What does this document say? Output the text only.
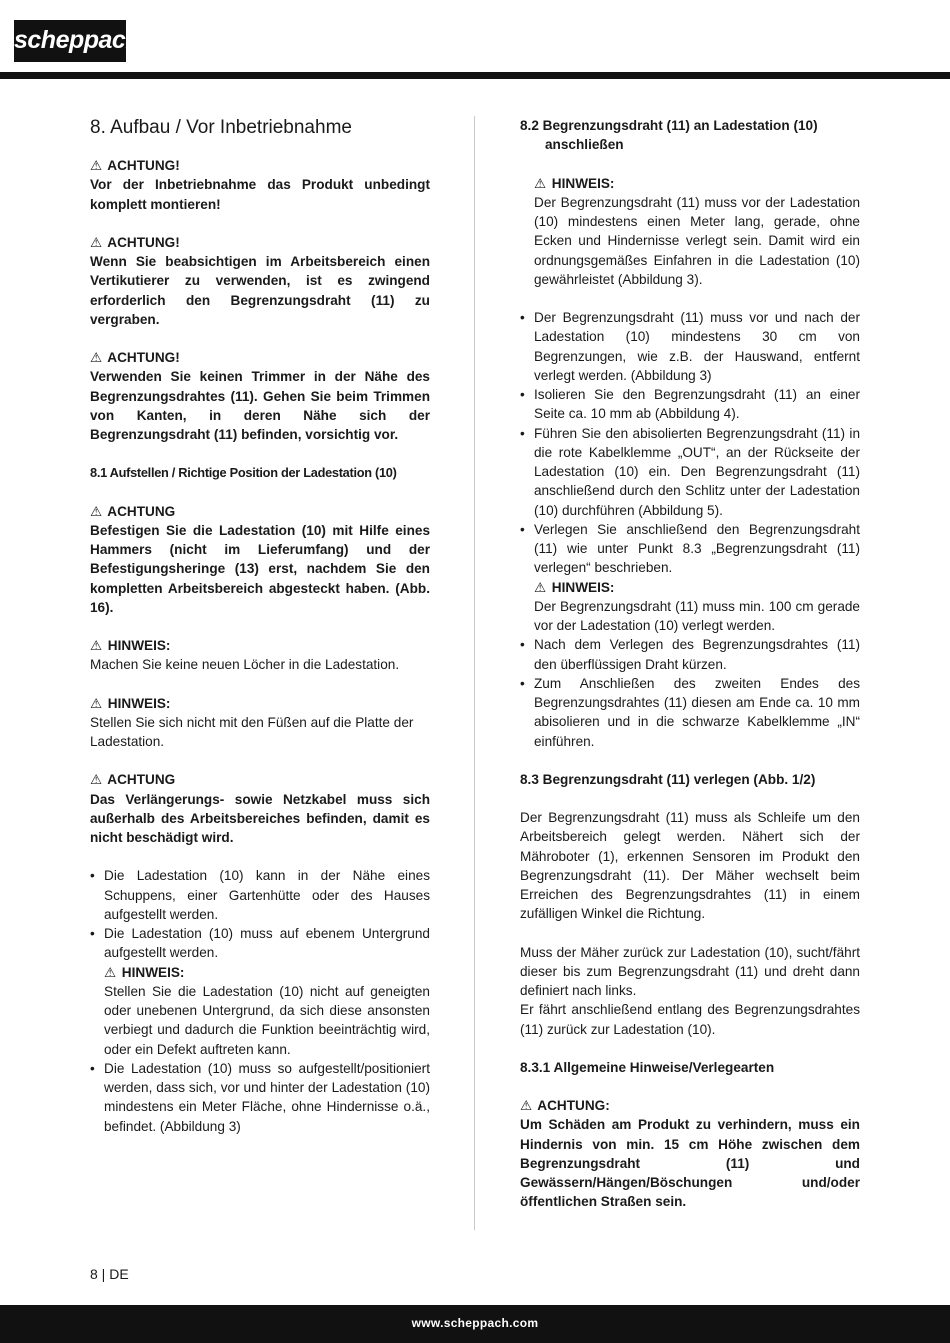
scheppach
8. Aufbau / Vor Inbetriebnahme
⚠ ACHTUNG!
Vor der Inbetriebnahme das Produkt unbedingt komplett montieren!
⚠ ACHTUNG!
Wenn Sie beabsichtigen im Arbeitsbereich einen Vertikutierer zu verwenden, ist es zwingend erforderlich den Begrenzungsdraht (11) zu vergraben.
⚠ ACHTUNG!
Verwenden Sie keinen Trimmer in der Nähe des Begrenzungsdrahtes (11). Gehen Sie beim Trimmen von Kanten, in deren Nähe sich der Begrenzungsdraht (11) befinden, vorsichtig vor.
8.1 Aufstellen / Richtige Position der Ladestation (10)
⚠ ACHTUNG
Befestigen Sie die Ladestation (10) mit Hilfe eines Hammers (nicht im Lieferumfang) und der Befestigungsheringe (13) erst, nachdem Sie den kompletten Arbeitsbereich abgesteckt haben. (Abb. 16).
⚠ HINWEIS:
Machen Sie keine neuen Löcher in die Ladestation.
⚠ HINWEIS:
Stellen Sie sich nicht mit den Füßen auf die Platte der Ladestation.
⚠ ACHTUNG
Das Verlängerungs- sowie Netzkabel muss sich außerhalb des Arbeitsbereiches befinden, damit es nicht beschädigt wird.
• Die Ladestation (10) kann in der Nähe eines Schuppens, einer Gartenhütte oder des Hauses aufgestellt werden.
• Die Ladestation (10) muss auf ebenem Untergrund aufgestellt werden.
⚠ HINWEIS:
Stellen Sie die Ladestation (10) nicht auf geneigten oder unebenen Untergrund, da sich diese ansonsten verbiegt und dadurch die Funktion beeinträchtig wird, oder ein Defekt auftreten kann.
• Die Ladestation (10) muss so aufgestellt/positioniert werden, dass sich, vor und hinter der Ladestation (10) mindestens ein Meter Fläche, ohne Hindernisse o.ä., befindet. (Abbildung 3)
8.2 Begrenzungsdraht (11) an Ladestation (10) anschließen
⚠ HINWEIS:
Der Begrenzungsdraht (11) muss vor der Ladestation (10) mindestens einen Meter lang, gerade, ohne Ecken und Hindernisse verlegt sein. Damit wird ein ordnungsgemäßes Einfahren in die Ladestation (10) gewährleistet (Abbildung 3).
• Der Begrenzungsdraht (11) muss vor und nach der Ladestation (10) mindestens 30 cm von Begrenzungen, wie z.B. der Hauswand, entfernt verlegt werden. (Abbildung 3)
• Isolieren Sie den Begrenzungsdraht (11) an einer Seite ca. 10 mm ab (Abbildung 4).
• Führen Sie den abisolierten Begrenzungsdraht (11) in die rote Kabelklemme „OUT“, an der Rückseite der Ladestation (10) ein. Den Begrenzungsdraht (11) anschließend durch den Schlitz unter der Ladestation (10) durchführen (Abbildung 5).
• Verlegen Sie anschließend den Begrenzungsdraht (11) wie unter Punkt 8.3 „Begrenzungsdraht (11) verlegen“ beschrieben.
⚠ HINWEIS:
Der Begrenzungsdraht (11) muss min. 100 cm gerade vor der Ladestation (10) verlegt werden.
• Nach dem Verlegen des Begrenzungsdrahtes (11) den überflüssigen Draht kürzen.
• Zum Anschließen des zweiten Endes des Begrenzungsdrahtes (11) diesen am Ende ca. 10 mm abisolieren und in die schwarze Kabelklemme „IN“ einführen.
8.3 Begrenzungsdraht (11) verlegen (Abb. 1/2)
Der Begrenzungsdraht (11) muss als Schleife um den Arbeitsbereich gelegt werden. Nähert sich der Mähroboter (1), erkennen Sensoren im Produkt den Begrenzungsdraht (11). Der Mäher wechselt beim Erreichen des Begrenzungsdrahtes (11) in einem zufälligen Winkel die Richtung.
Muss der Mäher zurück zur Ladestation (10), sucht/fährt dieser bis zum Begrenzungsdraht (11) und dreht dann definiert nach links.
Er fährt anschließend entlang des Begrenzungsdrahtes (11) zurück zur Ladestation (10).
8.3.1 Allgemeine Hinweise/Verlegearten
⚠ ACHTUNG:
Um Schäden am Produkt zu verhindern, muss ein Hindernis von min. 15 cm Höhe zwischen dem Begrenzungsdraht (11) und Gewässern/Hängen/Böschungen und/oder öffentlichen Straßen sein.
8 | DE
www.scheppach.com
